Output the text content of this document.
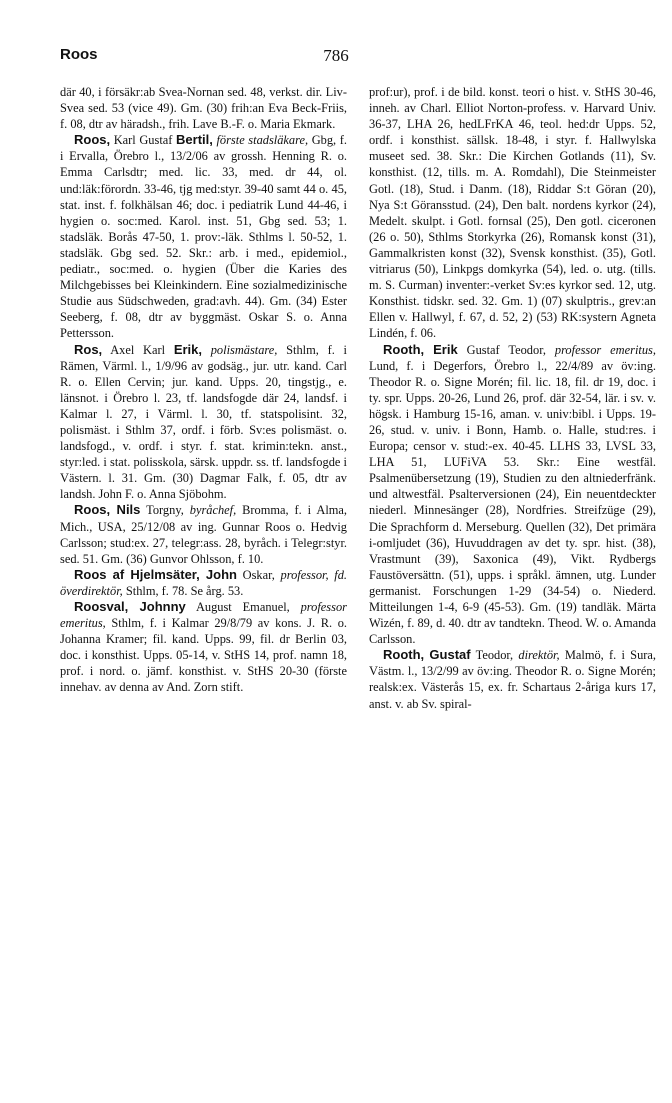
Roos	786

där 40, i försäkr:ab Svea-Nornan sed. 48, verkst. dir. Liv-Svea sed. 53 (vice 49). Gm. (30) frih:an Eva Beck-Friis, f. 08, dtr av häradsh., frih. Lave B.-F. o. Maria Ekmark.

Roos, Karl Gustaf Bertil, förste stadsläkare, Gbg, f. i Ervalla, Örebro l., 13/2/06 av grossh. Henning R. o. Emma Carlsdtr; med. lic. 33, med. dr 44, ol. und:läk:förordn. 33-46, tjg med:styr. 39-40 samt 44 o. 45, stat. inst. f. folkhälsan 46; doc. i pediatrik Lund 44-46, i hygien o. soc:med. Karol. inst. 51, Gbg sed. 53; 1. stadsläk. Borås 47-50, 1. prov:-läk. Sthlms l. 50-52, 1. stadsläk. Gbg sed. 52. Skr.: arb. i med., epidemiol., pediatr., soc:med. o. hygien (Über die Karies des Milchgebisses bei Kleinkindern. Eine sozialmedizinische Studie aus Südschweden, grad:avh. 44). Gm. (34) Ester Seeberg, f. 08, dtr av byggmäst. Oskar S. o. Anna Pettersson.

Ros, Axel Karl Erik, polismästare, Sthlm, f. i Rämen, Värml. l., 1/9/96 av godsäg., jur. utr. kand. Carl R. o. Ellen Cervin; jur. kand. Upps. 20, tingstjg., e. länsnot. i Örebro l. 23, tf. landsfogde där 24, landsf. i Kalmar l. 27, i Värml. l. 30, tf. statspolisint. 32, polismäst. i Sthlm 37, ordf. i förb. Sv:es polismäst. o. landsfogd., v. ordf. i styr. f. stat. krimin:tekn. anst., styr:led. i stat. polisskola, särsk. uppdr. ss. tf. landsfogde i Västern. l. 31. Gm. (30) Dagmar Falk, f. 05, dtr av landsh. John F. o. Anna Sjöbohm.

Roos, Nils Torgny, byråchef, Bromma, f. i Alma, Mich., USA, 25/12/08 av ing. Gunnar Roos o. Hedvig Carlsson; stud:ex. 27, telegr:ass. 28, byråch. i Telegr:styr. sed. 51. Gm. (36) Gunvor Ohlsson, f. 10.

Roos af Hjelmsäter, John Oskar, professor, fd. överdirektör, Sthlm, f. 78. Se årg. 53.

Roosval, Johnny August Emanuel, professor emeritus, Sthlm, f. i Kalmar 29/8/79 av kons. J. R. o. Johanna Kramer; fil. kand. Upps. 99, fil. dr Berlin 03, doc. i konsthist. Upps. 05-14, v. StHS 14, prof. namn 18, prof. i nord. o. jämf. konsthist. v. StHS 20-30 (förste innehav. av denna av And. Zorn stift.

prof:ur), prof. i de bild. konst. teori o hist. v. StHS 30-46, inneh. av Charl. Elliot Norton-profess. v. Harvard Univ. 36-37, LHA 26, hedLFrKA 46, teol. hed:dr Upps. 52, ordf. i konsthist. sällsk. 18-48, i styr. f. Hallwylska museet sed. 38. Skr.: Die Kirchen Gotlands (11), Sv. konsthist. (12, tills. m. A. Romdahl), Die Steinmeister Gotl. (18), Stud. i Danm. (18), Riddar S:t Göran (20), Nya S:t Göransstud. (24), Den balt. nordens kyrkor (24), Medelt. skulpt. i Gotl. fornsal (25), Den gotl. ciceronen (26 o. 50), Sthlms Storkyrka (26), Romansk konst (31), Gammalkristen konst (32), Svensk konsthist. (35), Gotl. vitriarus (50), Linkpgs domkyrka (54), led. o. utg. (tills. m. S. Curman) inventer:-verket Sv:es kyrkor sed. 12, utg. Konsthist. tidskr. sed. 32. Gm. 1) (07) skulptris., grev:an Ellen v. Hallwyl, f. 67, d. 52, 2) (53) RK:systern Agneta Lindén, f. 06.

Rooth, Erik Gustaf Teodor, professor emeritus, Lund, f. i Degerfors, Örebro l., 22/4/89 av öv:ing. Theodor R. o. Signe Morén; fil. lic. 18, fil. dr 19, doc. i ty. spr. Upps. 20-26, Lund 26, prof. där 32-54, lär. i sv. v. högsk. i Hamburg 15-16, aman. v. univ:bibl. i Upps. 19-26, stud. v. univ. i Bonn, Hamb. o. Halle, stud:res. i Europa; censor v. stud:-ex. 40-45. LLHS 33, LVSL 33, LHA 51, LUFiVA 53. Skr.: Eine westfäl. Psalmenübersetzung (19), Studien zu den altniederfränk. und altwestfäl. Psalterversionen (24), Ein neuentdeckter niederl. Minnesänger (28), Nordfries. Streifzüge (29), Die Sprachform d. Merseburg. Quellen (32), Det primära i-omljudet (36), Huvuddragen av det ty. spr. hist. (38), Vrastmunt (39), Saxonica (49), Vikt. Rydbergs Faustöversättn. (51), upps. i språkl. ämnen, utg. Lunder germanist. Forschungen 1-29 (34-54) o. Niederd. Mitteilungen 1-4, 6-9 (45-53). Gm. (19) tandläk. Märta Wizén, f. 89, d. 40. dtr av tandtekn. Theod. W. o. Amanda Carlsson.

Rooth, Gustaf Teodor, direktör, Malmö, f. i Sura, Västm. l., 13/2/99 av öv:ing. Theodor R. o. Signe Morén; realsk:ex. Västerås 15, ex. fr. Schartaus 2-åriga kurs 17, anst. v. ab Sv. spiral-
